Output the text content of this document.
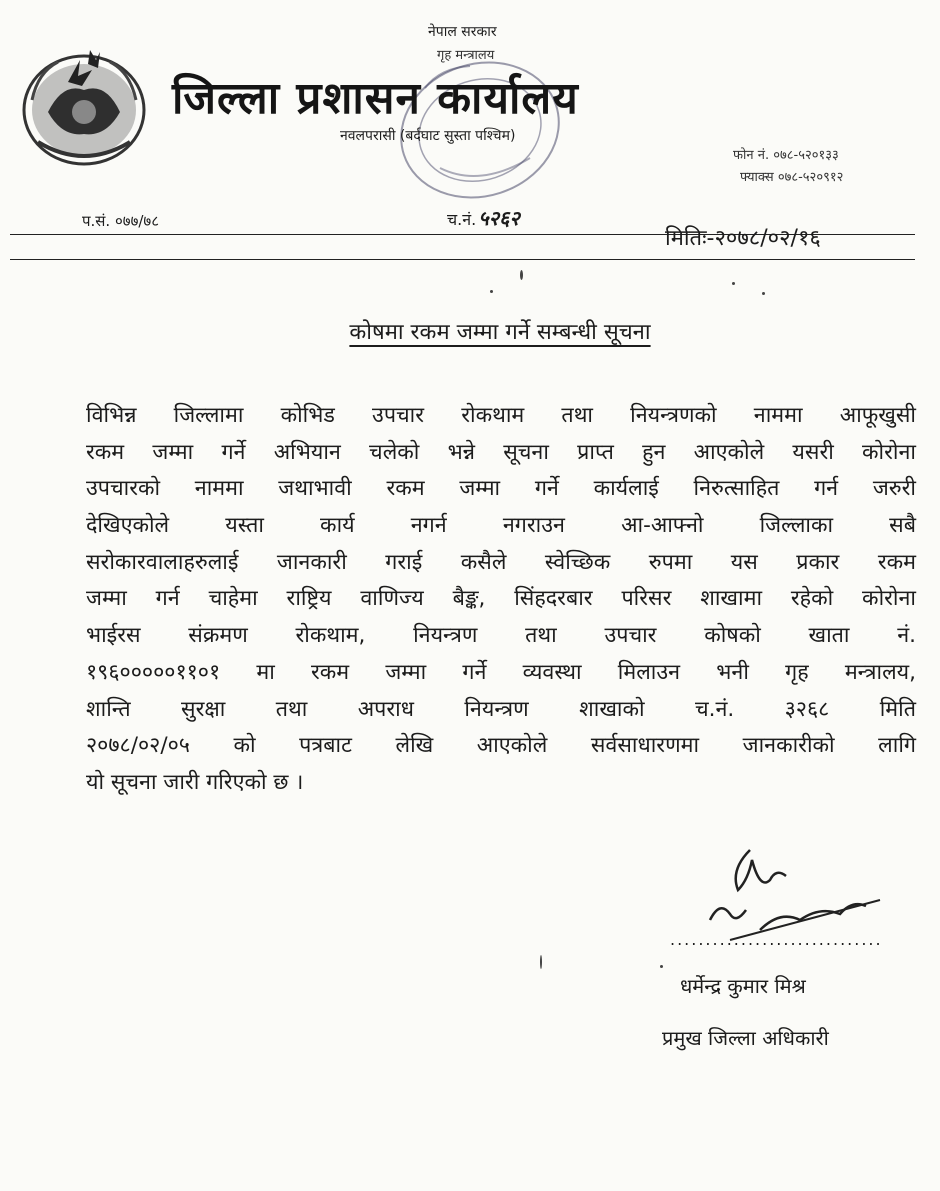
नेपाल सरकार
गृह मन्त्रालय
जिल्ला प्रशासन कार्यालय
नवलपरासी (बर्दघाट सुस्ता पश्चिम)
फोन नं. ०७८-५२०१३३
फ्याक्स ०७८-५२०९१२
प.सं. ०७७/७८	च.नं. ५२६२
मितिः-२०७८/०२/१६
कोषमा रकम जम्मा गर्ने सम्बन्धी सूचना
विभिन्न जिल्लामा कोभिड उपचार रोकथाम तथा नियन्त्रणको नाममा आफूखुसी
रकम जम्मा गर्ने अभियान चलेको भन्ने सूचना प्राप्त हुन आएकोले यसरी कोरोना
उपचारको नाममा जथाभावी रकम जम्मा गर्ने कार्यलाई निरुत्साहित गर्न जरुरी
देखिएकोले यस्ता कार्य नगर्न नगराउन आ-आफ्नो जिल्लाका सबै
सरोकारवालाहरुलाई जानकारी गराई कसैले स्वेच्छिक रुपमा यस प्रकार रकम
जम्मा गर्न चाहेमा राष्ट्रिय वाणिज्य बैङ्क, सिंहदरबार परिसर शाखामा रहेको कोरोना
भाईरस संक्रमण रोकथाम, नियन्त्रण तथा उपचार कोषको खाता नं.
१९६०००००११०१ मा रकम जम्मा गर्ने व्यवस्था मिलाउन भनी गृह मन्त्रालय,
शान्ति सुरक्षा तथा अपराध नियन्त्रण शाखाको च.नं. ३२६८ मिति
२०७८/०२/०५ को पत्रबाट लेखि आएकोले सर्वसाधारणमा जानकारीको लागि
यो सूचना जारी गरिएको छ ।
..............................
धर्मेन्द्र कुमार मिश्र
प्रमुख जिल्ला अधिकारी
